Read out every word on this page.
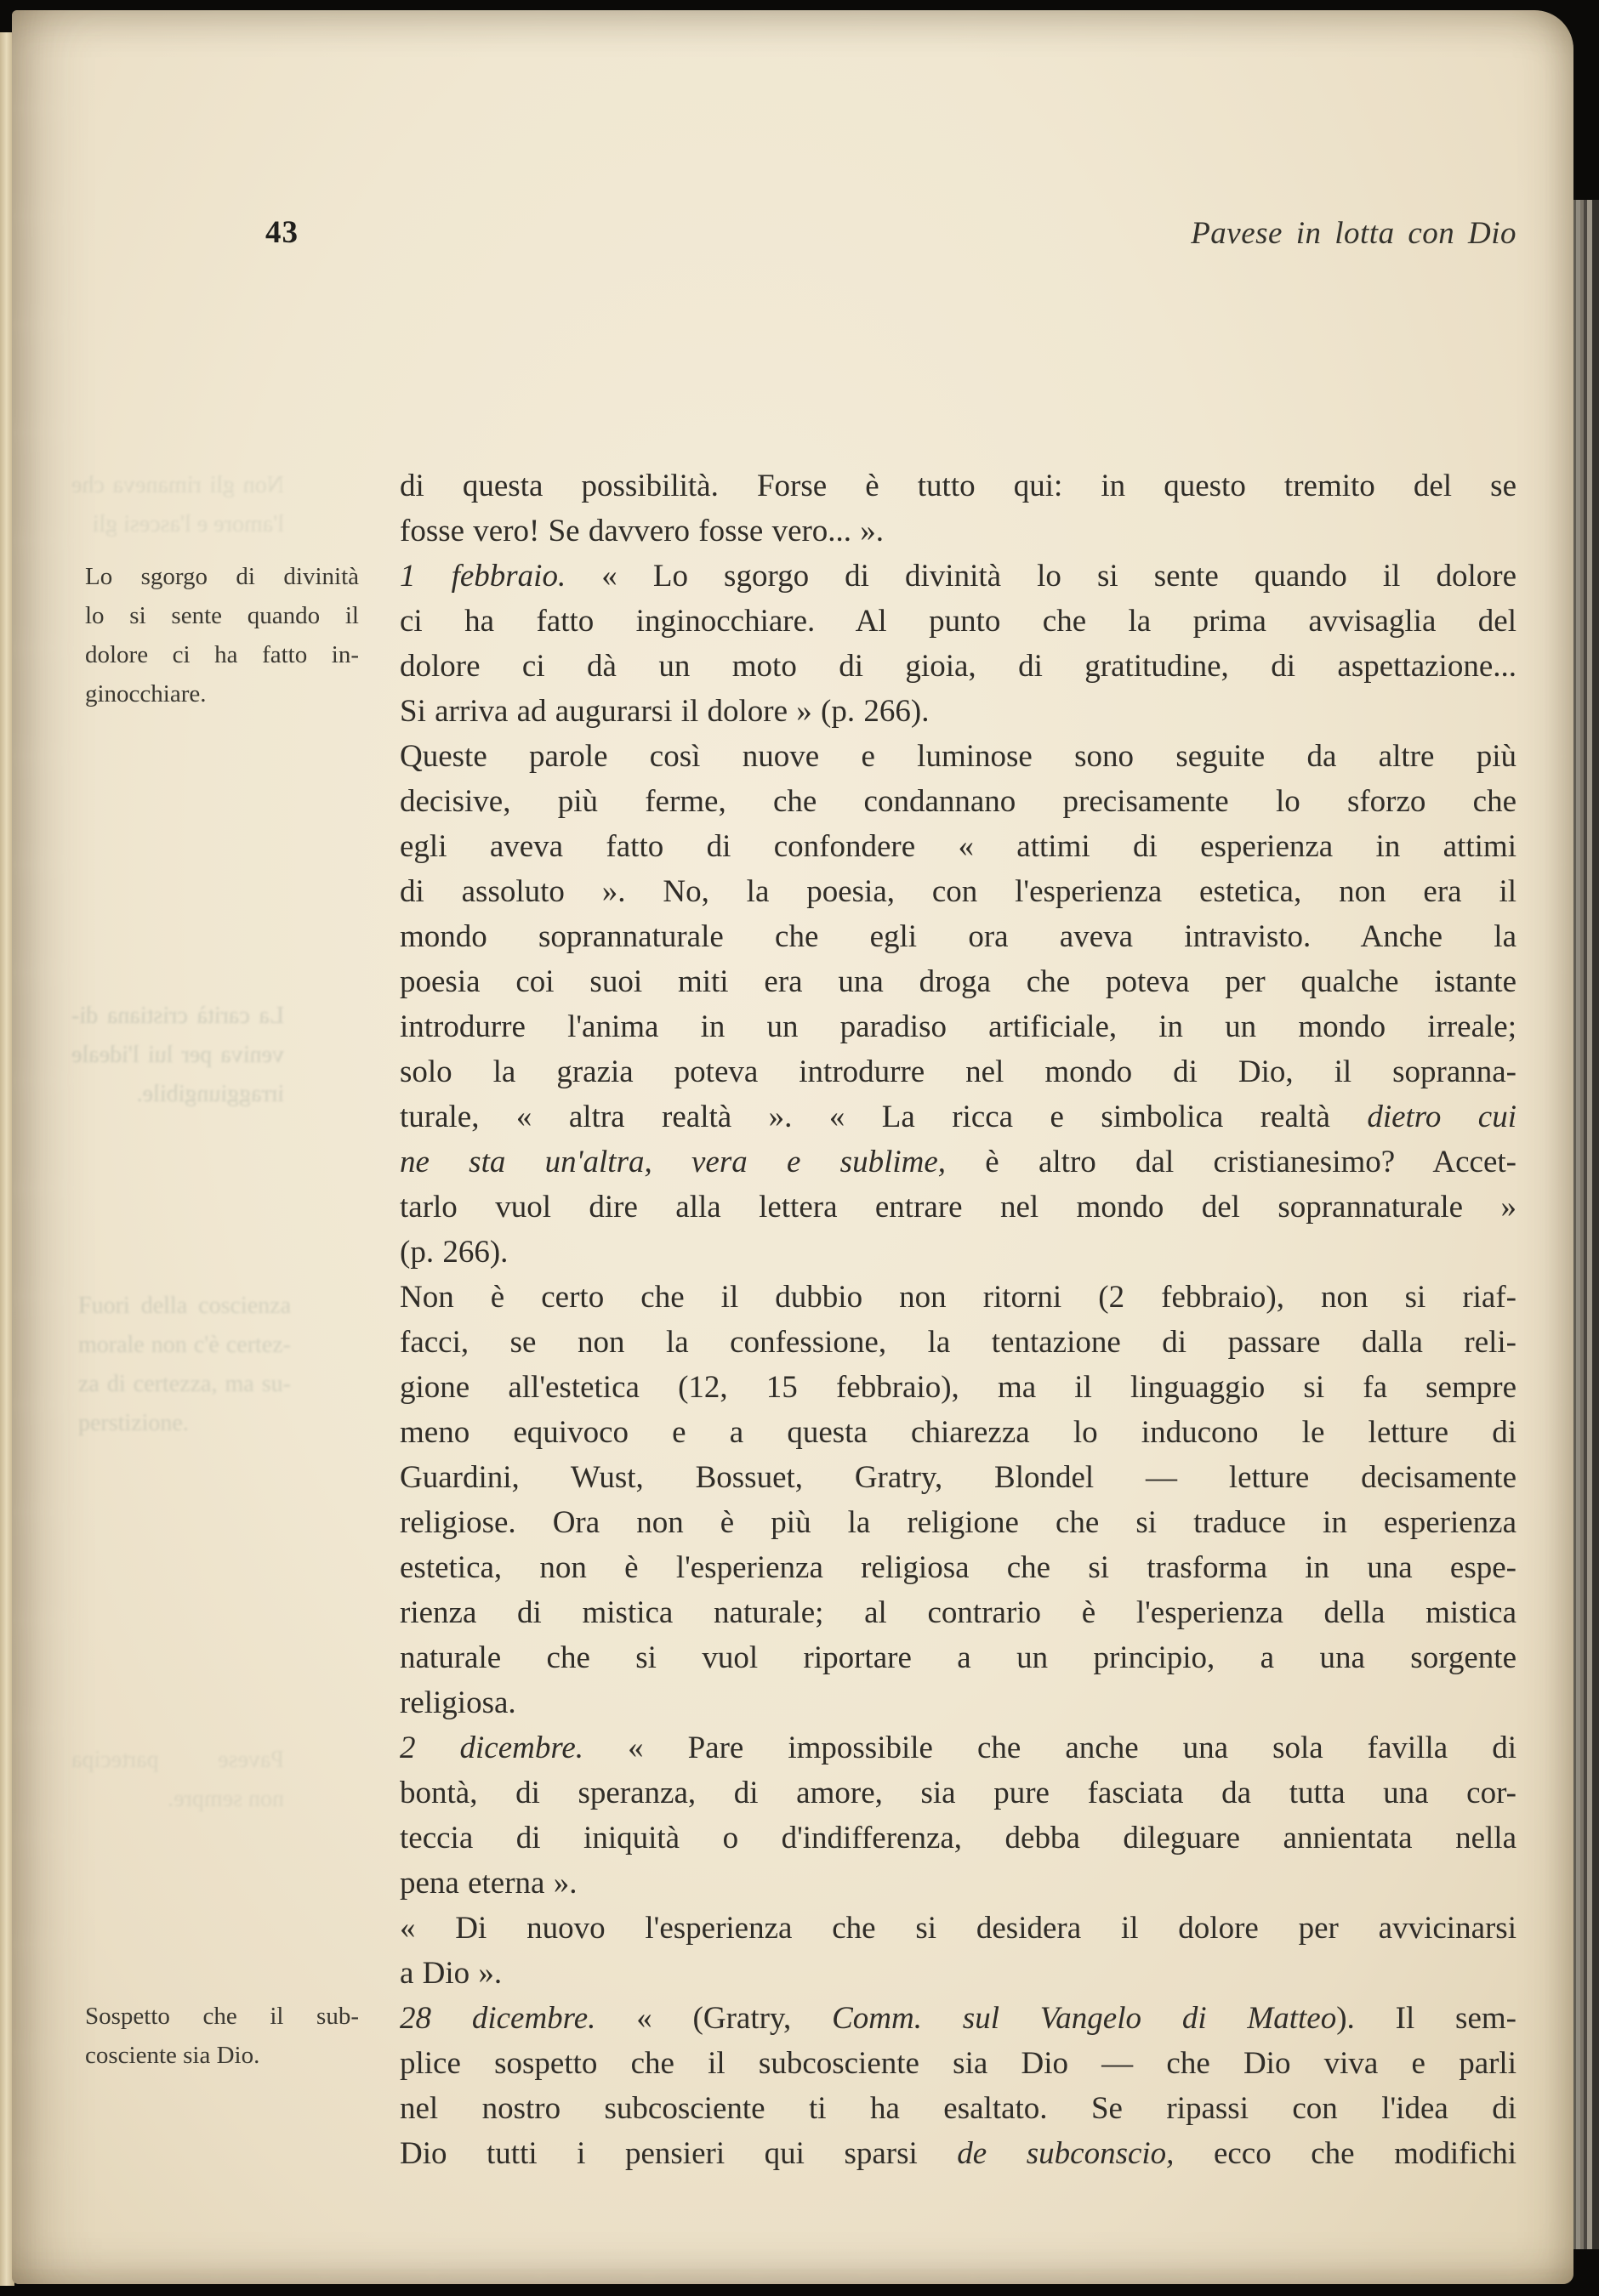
43	Pavese in lotta con Dio
Non gli rimaneva che
l'amore e l'ascesi gli
La carità cristiana di-
veniva per lui l'ideale
irraggiungibile.
Fuori della coscienza
morale non c'è certez-
za di certezza, ma su-
perstizione.
Pavese partecipa
non sempre.
Lo sgorgo di divinità
lo si sente quando il
dolore ci ha fatto in-
ginocchiare.
Sospetto che il sub-
cosciente sia Dio.
di questa possibilità. Forse è tutto qui: in questo tremito del se
fosse vero! Se davvero fosse vero... ».
1 febbraio. « Lo sgorgo di divinità lo si sente quando il dolore
ci ha fatto inginocchiare. Al punto che la prima avvisaglia del
dolore ci dà un moto di gioia, di gratitudine, di aspettazione...
Si arriva ad augurarsi il dolore » (p. 266).
Queste parole così nuove e luminose sono seguite da altre più
decisive, più ferme, che condannano precisamente lo sforzo che
egli aveva fatto di confondere « attimi di esperienza in attimi
di assoluto ». No, la poesia, con l'esperienza estetica, non era il
mondo soprannaturale che egli ora aveva intravisto. Anche la
poesia coi suoi miti era una droga che poteva per qualche istante
introdurre l'anima in un paradiso artificiale, in un mondo irreale;
solo la grazia poteva introdurre nel mondo di Dio, il sopranna-
turale, « altra realtà ». « La ricca e simbolica realtà dietro cui
ne sta un'altra, vera e sublime, è altro dal cristianesimo? Accet-
tarlo vuol dire alla lettera entrare nel mondo del soprannaturale »
(p. 266).
Non è certo che il dubbio non ritorni (2 febbraio), non si riaf-
facci, se non la confessione, la tentazione di passare dalla reli-
gione all'estetica (12, 15 febbraio), ma il linguaggio si fa sempre
meno equivoco e a questa chiarezza lo inducono le letture di
Guardini, Wust, Bossuet, Gratry, Blondel — letture decisamente
religiose. Ora non è più la religione che si traduce in esperienza
estetica, non è l'esperienza religiosa che si trasforma in una espe-
rienza di mistica naturale; al contrario è l'esperienza della mistica
naturale che si vuol riportare a un principio, a una sorgente
religiosa.
2 dicembre. « Pare impossibile che anche una sola favilla di
bontà, di speranza, di amore, sia pure fasciata da tutta una cor-
teccia di iniquità o d'indifferenza, debba dileguare annientata nella
pena eterna ».
« Di nuovo l'esperienza che si desidera il dolore per avvicinarsi
a Dio ».
28 dicembre. « (Gratry, Comm. sul Vangelo di Matteo). Il sem-
plice sospetto che il subcosciente sia Dio — che Dio viva e parli
nel nostro subcosciente ti ha esaltato. Se ripassi con l'idea di
Dio tutti i pensieri qui sparsi de subconscio, ecco che modifichi
